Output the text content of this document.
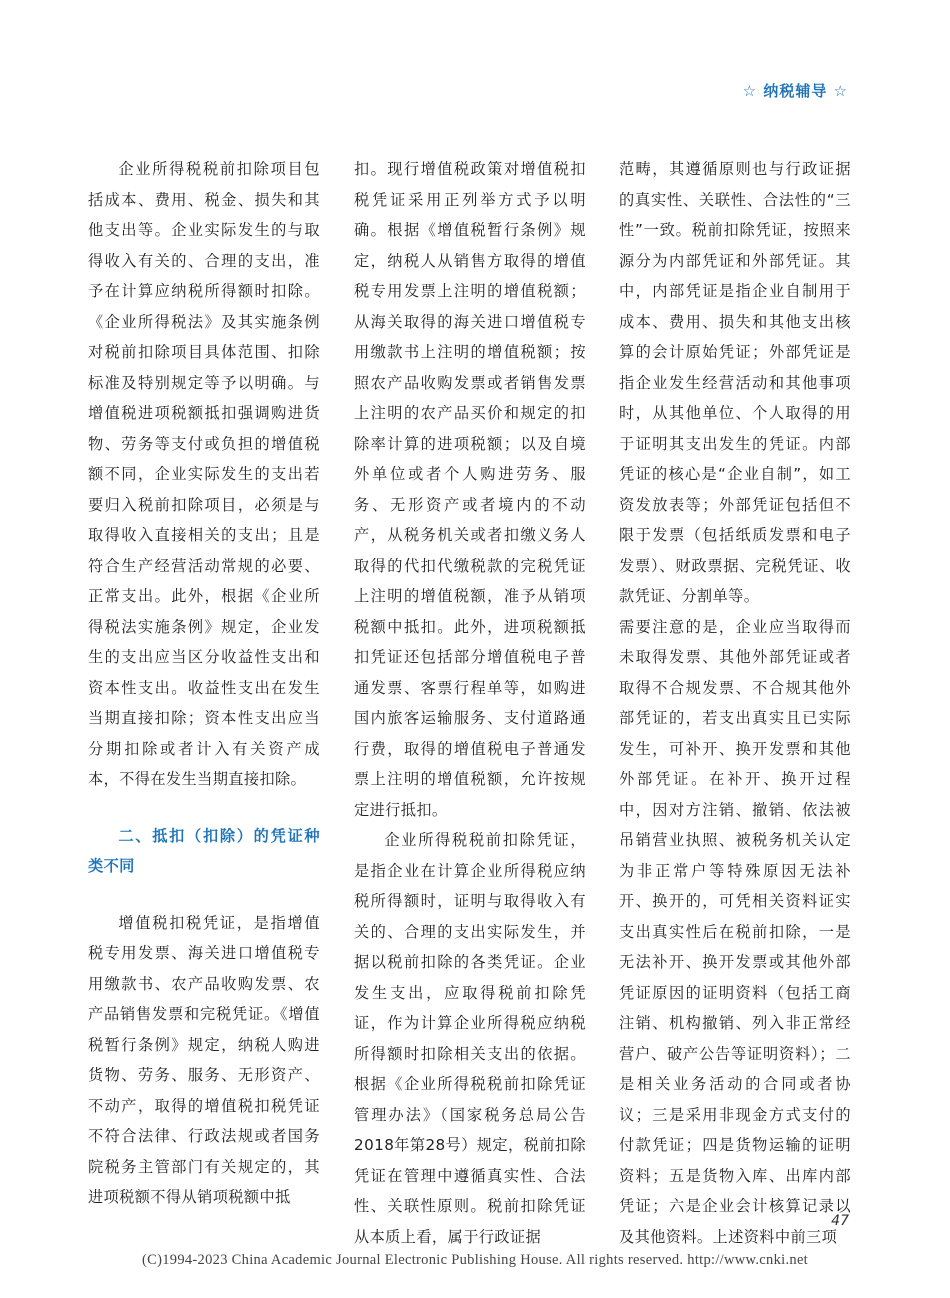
☆ 纳税辅导 ☆

企业所得税税前扣除项目包括成本、费用、税金、损失和其他支出等。企业实际发生的与取得收入有关的、合理的支出，准予在计算应纳税所得额时扣除。《企业所得税法》及其实施条例对税前扣除项目具体范围、扣除标准及特别规定等予以明确。与增值税进项税额抵扣强调购进货物、劳务等支付或负担的增值税额不同，企业实际发生的支出若要归入税前扣除项目，必须是与取得收入直接相关的支出；且是符合生产经营活动常规的必要、正常支出。此外，根据《企业所得税法实施条例》规定，企业发生的支出应当区分收益性支出和资本性支出。收益性支出在发生当期直接扣除；资本性支出应当分期扣除或者计入有关资产成本，不得在发生当期直接扣除。

二、抵扣（扣除）的凭证种类不同

增值税扣税凭证，是指增值税专用发票、海关进口增值税专用缴款书、农产品收购发票、农产品销售发票和完税凭证。《增值税暂行条例》规定，纳税人购进货物、劳务、服务、无形资产、不动产，取得的增值税扣税凭证不符合法律、行政法规或者国务院税务主管部门有关规定的，其进项税额不得从销项税额中抵

扣。现行增值税政策对增值税扣税凭证采用正列举方式予以明确。根据《增值税暂行条例》规定，纳税人从销售方取得的增值税专用发票上注明的增值税额；从海关取得的海关进口增值税专用缴款书上注明的增值税额；按照农产品收购发票或者销售发票上注明的农产品买价和规定的扣除率计算的进项税额；以及自境外单位或者个人购进劳务、服务、无形资产或者境内的不动产，从税务机关或者扣缴义务人取得的代扣代缴税款的完税凭证上注明的增值税额，准予从销项税额中抵扣。此外，进项税额抵扣凭证还包括部分增值税电子普通发票、客票行程单等，如购进国内旅客运输服务、支付道路通行费，取得的增值税电子普通发票上注明的增值税额，允许按规定进行抵扣。

企业所得税税前扣除凭证，是指企业在计算企业所得税应纳税所得额时，证明与取得收入有关的、合理的支出实际发生，并据以税前扣除的各类凭证。企业发生支出，应取得税前扣除凭证，作为计算企业所得税应纳税所得额时扣除相关支出的依据。根据《企业所得税税前扣除凭证管理办法》（国家税务总局公告2018年第28号）规定，税前扣除凭证在管理中遵循真实性、合法性、关联性原则。税前扣除凭证从本质上看，属于行政证据

范畴，其遵循原则也与行政证据的真实性、关联性、合法性的“三性”一致。税前扣除凭证，按照来源分为内部凭证和外部凭证。其中，内部凭证是指企业自制用于成本、费用、损失和其他支出核算的会计原始凭证；外部凭证是指企业发生经营活动和其他事项时，从其他单位、个人取得的用于证明其支出发生的凭证。内部凭证的核心是“企业自制”，如工资发放表等；外部凭证包括但不限于发票（包括纸质发票和电子发票）、财政票据、完税凭证、收款凭证、分割单等。

需要注意的是，企业应当取得而未取得发票、其他外部凭证或者取得不合规发票、不合规其他外部凭证的，若支出真实且已实际发生，可补开、换开发票和其他外部凭证。在补开、换开过程中，因对方注销、撤销、依法被吊销营业执照、被税务机关认定为非正常户等特殊原因无法补开、换开的，可凭相关资料证实支出真实性后在税前扣除，一是无法补开、换开发票或其他外部凭证原因的证明资料（包括工商注销、机构撤销、列入非正常经营户、破产公告等证明资料）；二是相关业务活动的合同或者协议；三是采用非现金方式支付的付款凭证；四是货物运输的证明资料；五是货物入库、出库内部凭证；六是企业会计核算记录以及其他资料。上述资料中前三项

47
(C)1994-2023 China Academic Journal Electronic Publishing House. All rights reserved. http://www.cnki.net
